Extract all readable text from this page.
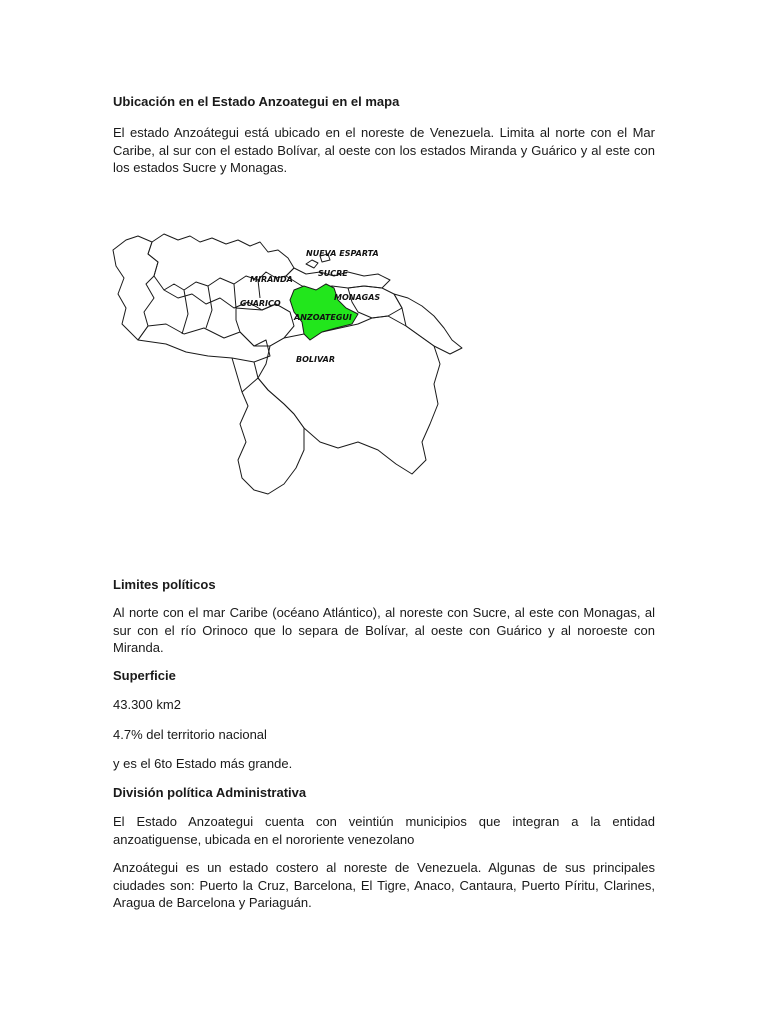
Ubicación en el Estado Anzoategui en el mapa

El estado Anzoátegui está ubicado en el noreste de Venezuela. Limita al norte con el Mar Caribe, al sur con el estado Bolívar, al oeste con los estados Miranda y Guárico y al este con los estados Sucre y Monagas.

NUEVA ESPARTA
SUCRE
MIRANDA
GUARICO
MONAGAS
ANZOATEGUI
BOLIVAR
Limites políticos

Al norte con el mar Caribe (océano Atlántico), al noreste con Sucre, al este con Monagas, al sur con el río Orinoco que lo separa de Bolívar, al oeste con Guárico y al noroeste con Miranda.

Superficie

43.300 km2

4.7% del territorio nacional

y es el 6to Estado más grande.

División política Administrativa

El Estado Anzoategui cuenta con veintiún municipios que integran a la entidad anzoatiguense, ubicada en el nororiente venezolano

Anzoátegui es un estado costero al noreste de Venezuela. Algunas de sus principales ciudades son: Puerto la Cruz, Barcelona, El Tigre, Anaco, Cantaura, Puerto Píritu, Clarines, Aragua de Barcelona y Pariaguán.
